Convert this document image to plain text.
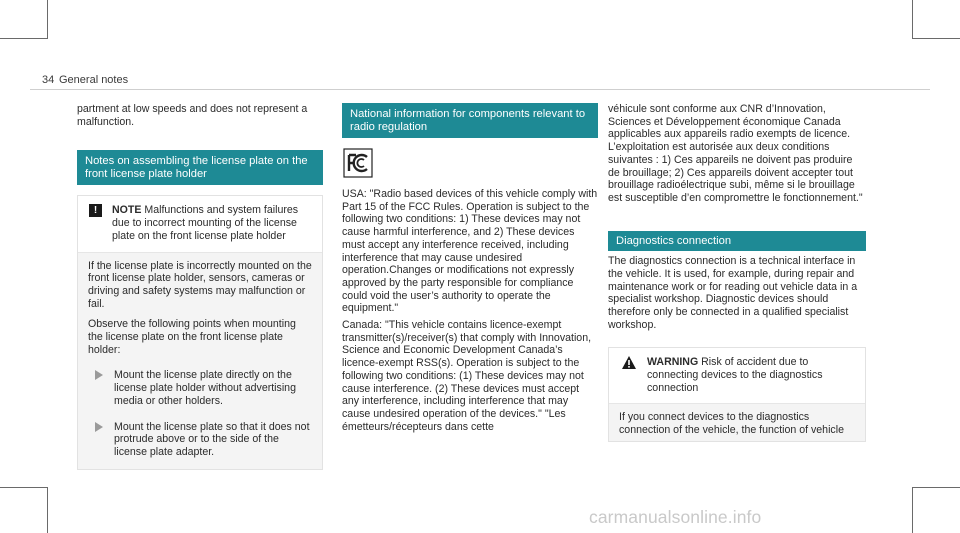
34 General notes

partment at low speeds and does not represent a malfunction.

Notes on assembling the license plate on the front license plate holder
!	NOTE Malfunctions and system failures due to incorrect mounting of the license plate on the front license plate holder

If the license plate is incorrectly mounted on the front license plate holder, sensors, cameras or driving and safety systems may malfunction or fail.

Observe the following points when mounting the license plate on the front license plate holder:

Mount the license plate directly on the license plate holder without advertising media or other holders.
Mount the license plate so that it does not protrude above or to the side of the license plate adapter.
National information for components relevant to radio regulation

USA: "Radio based devices of this vehicle comply with Part 15 of the FCC Rules. Operation is subject to the following two conditions: 1) These devices may not cause harmful interference, and 2) These devices must accept any interference received, including interference that may cause undesired operation.Changes or modifications not expressly approved by the party responsible for compliance could void the user’s authority to operate the equipment."

Canada: "This vehicle contains licence-exempt transmitter(s)/receiver(s) that comply with Innovation, Science and Economic Development Canada’s licence-exempt RSS(s). Operation is subject to the following two conditions: (1) These devices may not cause interference. (2) These devices must accept any interference, including interference that may cause undesired operation of the devices." "Les émetteurs/récepteurs dans cette

véhicule sont conforme aux CNR d’Innovation, Sciences et Développement économique Canada applicables aux appareils radio exempts de licence. L’exploitation est autorisée aux deux conditions suivantes : 1) Ces appareils ne doivent pas produire de brouillage; 2) Ces appareils doivent accepter tout brouillage radioélectrique subi, même si le brouillage est susceptible d’en compromettre le fonctionnement."

Diagnostics connection

The diagnostics connection is a technical interface in the vehicle. It is used, for example, during repair and maintenance work or for reading out vehicle data in a specialist workshop. Diagnostic devices should therefore only be connected in a qualified specialist workshop.

WARNING Risk of accident due to connecting devices to the diagnostics connection

If you connect devices to the diagnostics connection of the vehicle, the function of vehicle

carmanualsonline.info
